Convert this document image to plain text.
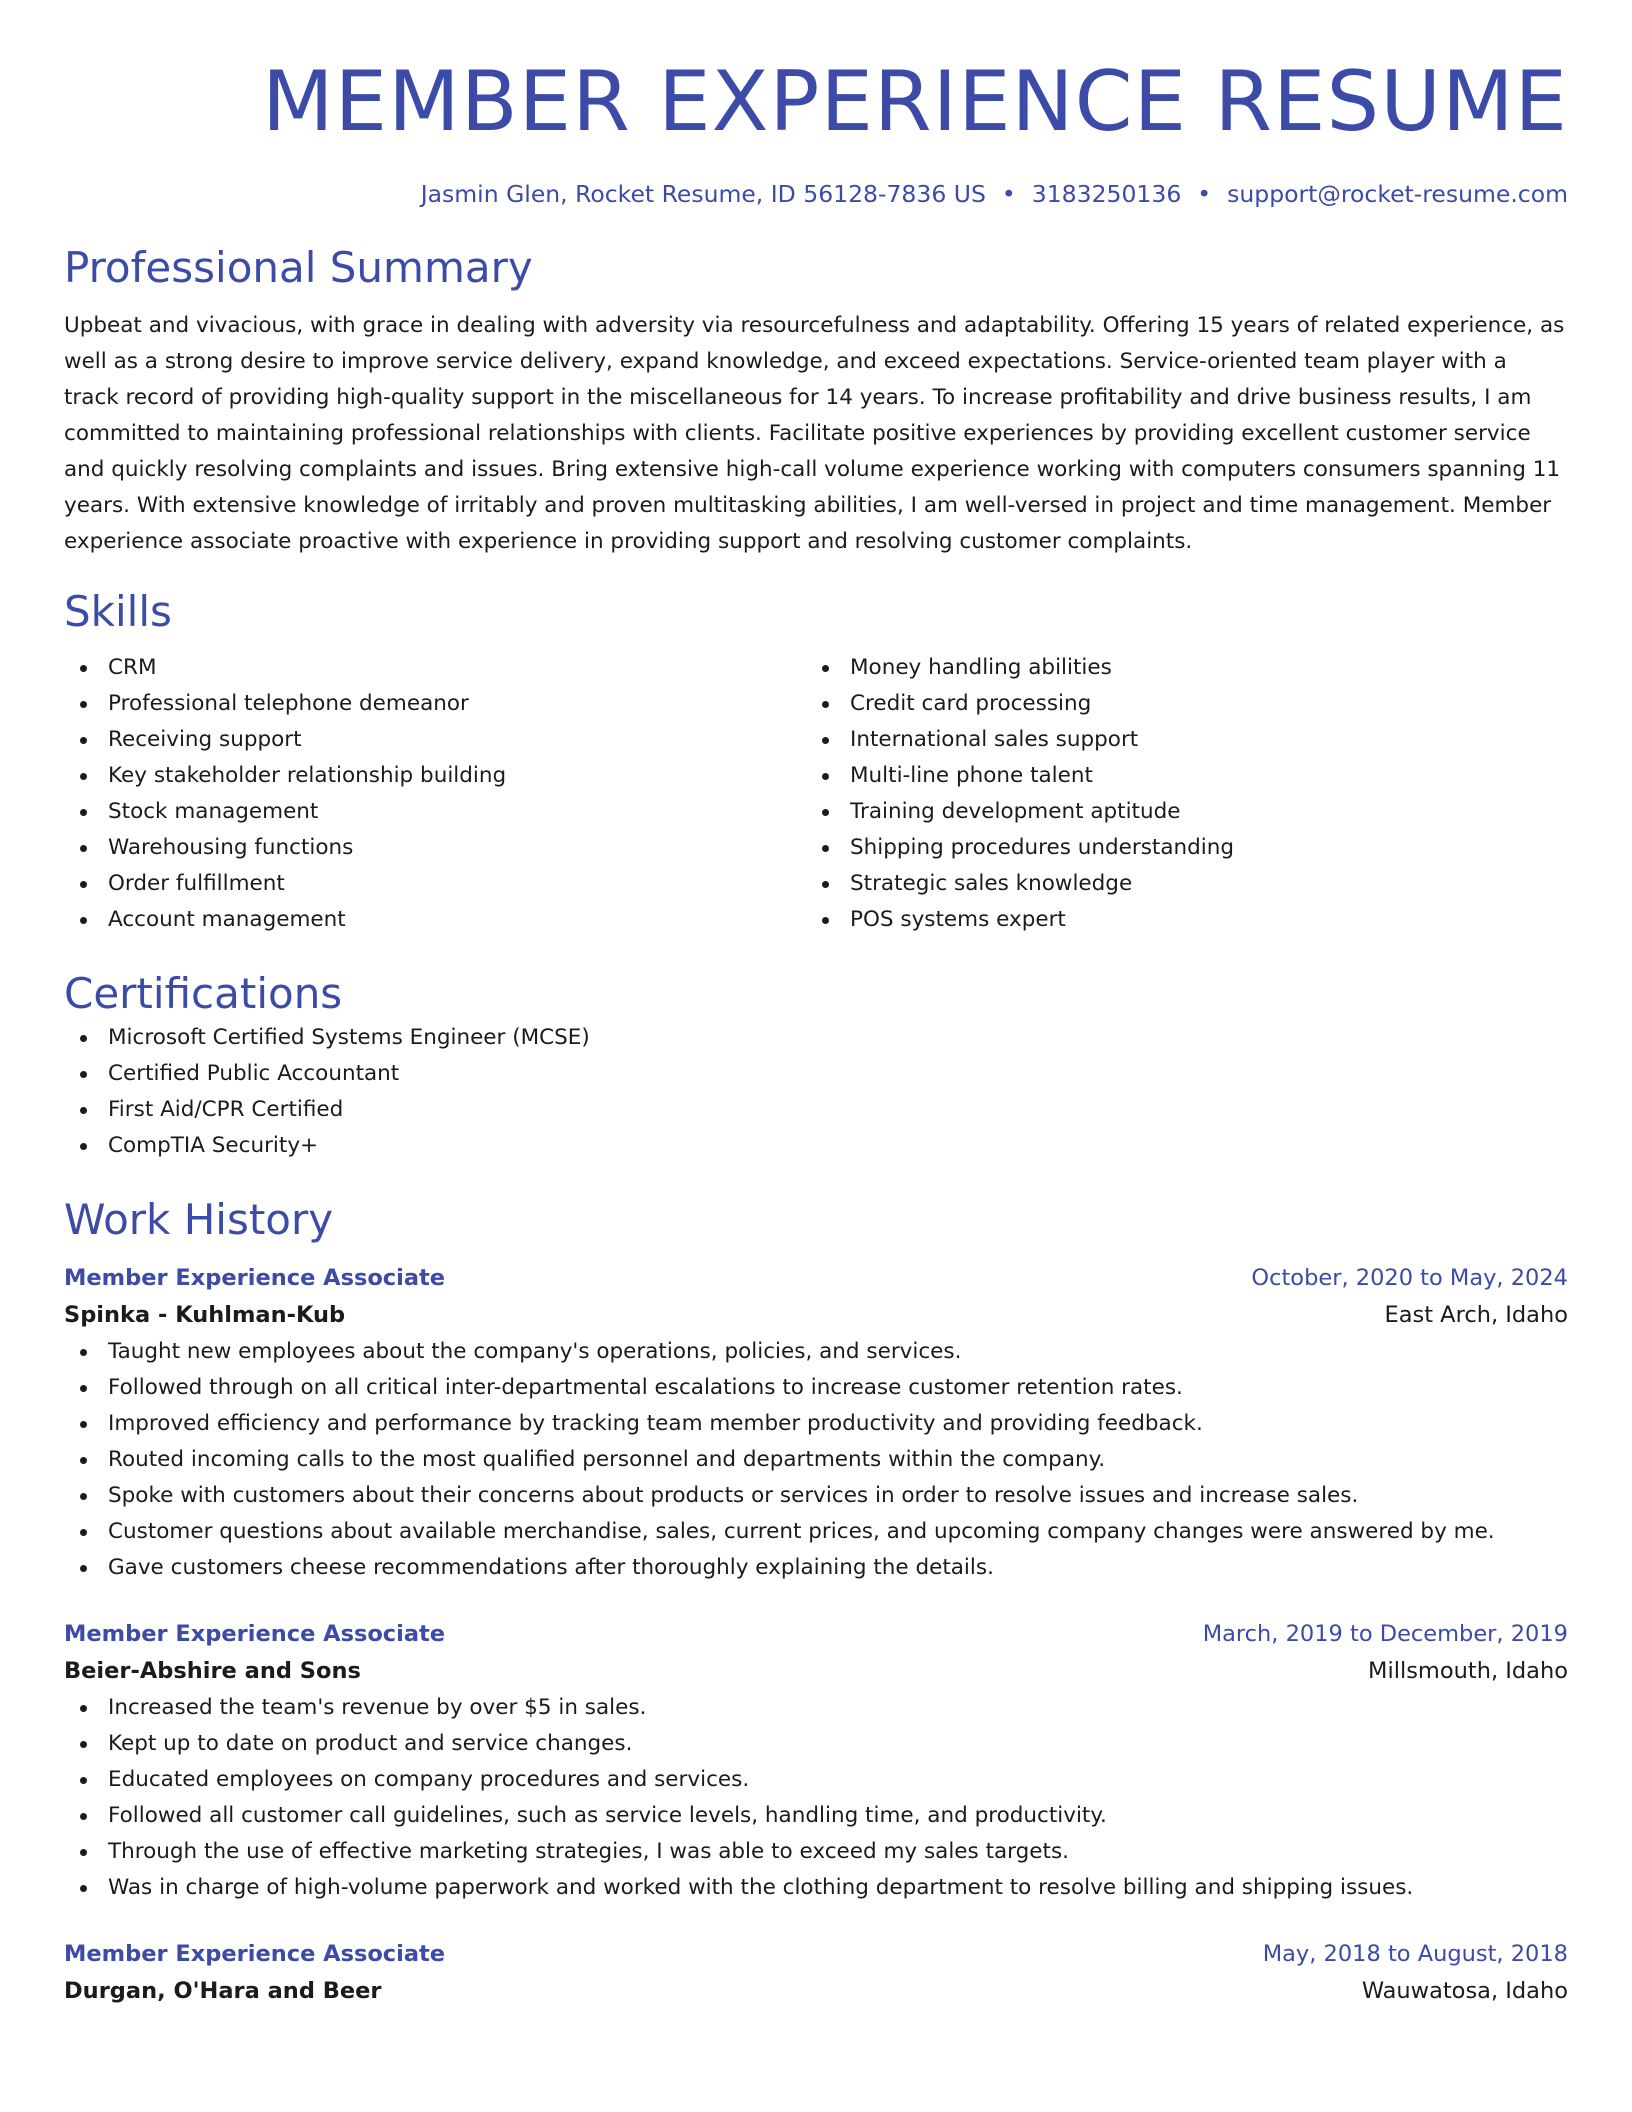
MEMBER EXPERIENCE RESUME
Jasmin Glen, Rocket Resume, ID 56128-7836 US • 3183250136 • support@rocket-resume.com
Professional Summary

Upbeat and vivacious, with grace in dealing with adversity via resourcefulness and adaptability. Offering 15 years of related experience, as well as a strong desire to improve service delivery, expand knowledge, and exceed expectations. Service-oriented team player with a track record of providing high-quality support in the miscellaneous for 14 years. To increase profitability and drive business results, I am committed to maintaining professional relationships with clients. Facilitate positive experiences by providing excellent customer service and quickly resolving complaints and issues. Bring extensive high-call volume experience working with computers consumers spanning 11 years. With extensive knowledge of irritably and proven multitasking abilities, I am well-versed in project and time management. Member experience associate proactive with experience in providing support and resolving customer complaints.

Skills
CRM
Professional telephone demeanor
Receiving support
Key stakeholder relationship building
Stock management
Warehousing functions
Order fulfillment
Account management
Money handling abilities
Credit card processing
International sales support
Multi-line phone talent
Training development aptitude
Shipping procedures understanding
Strategic sales knowledge
POS systems expert
Certifications
Microsoft Certified Systems Engineer (MCSE)
Certified Public Accountant
First Aid/CPR Certified
CompTIA Security+
Work History
Member Experience Associate	October, 2020 to May, 2024
Spinka - Kuhlman-Kub	East Arch, Idaho
Taught new employees about the company's operations, policies, and services.
Followed through on all critical inter-departmental escalations to increase customer retention rates.
Improved efficiency and performance by tracking team member productivity and providing feedback.
Routed incoming calls to the most qualified personnel and departments within the company.
Spoke with customers about their concerns about products or services in order to resolve issues and increase sales.
Customer questions about available merchandise, sales, current prices, and upcoming company changes were answered by me.
Gave customers cheese recommendations after thoroughly explaining the details.
Member Experience Associate	March, 2019 to December, 2019
Beier-Abshire and Sons	Millsmouth, Idaho
Increased the team's revenue by over $5 in sales.
Kept up to date on product and service changes.
Educated employees on company procedures and services.
Followed all customer call guidelines, such as service levels, handling time, and productivity.
Through the use of effective marketing strategies, I was able to exceed my sales targets.
Was in charge of high-volume paperwork and worked with the clothing department to resolve billing and shipping issues.
Member Experience Associate	May, 2018 to August, 2018
Durgan, O'Hara and Beer	Wauwatosa, Idaho
